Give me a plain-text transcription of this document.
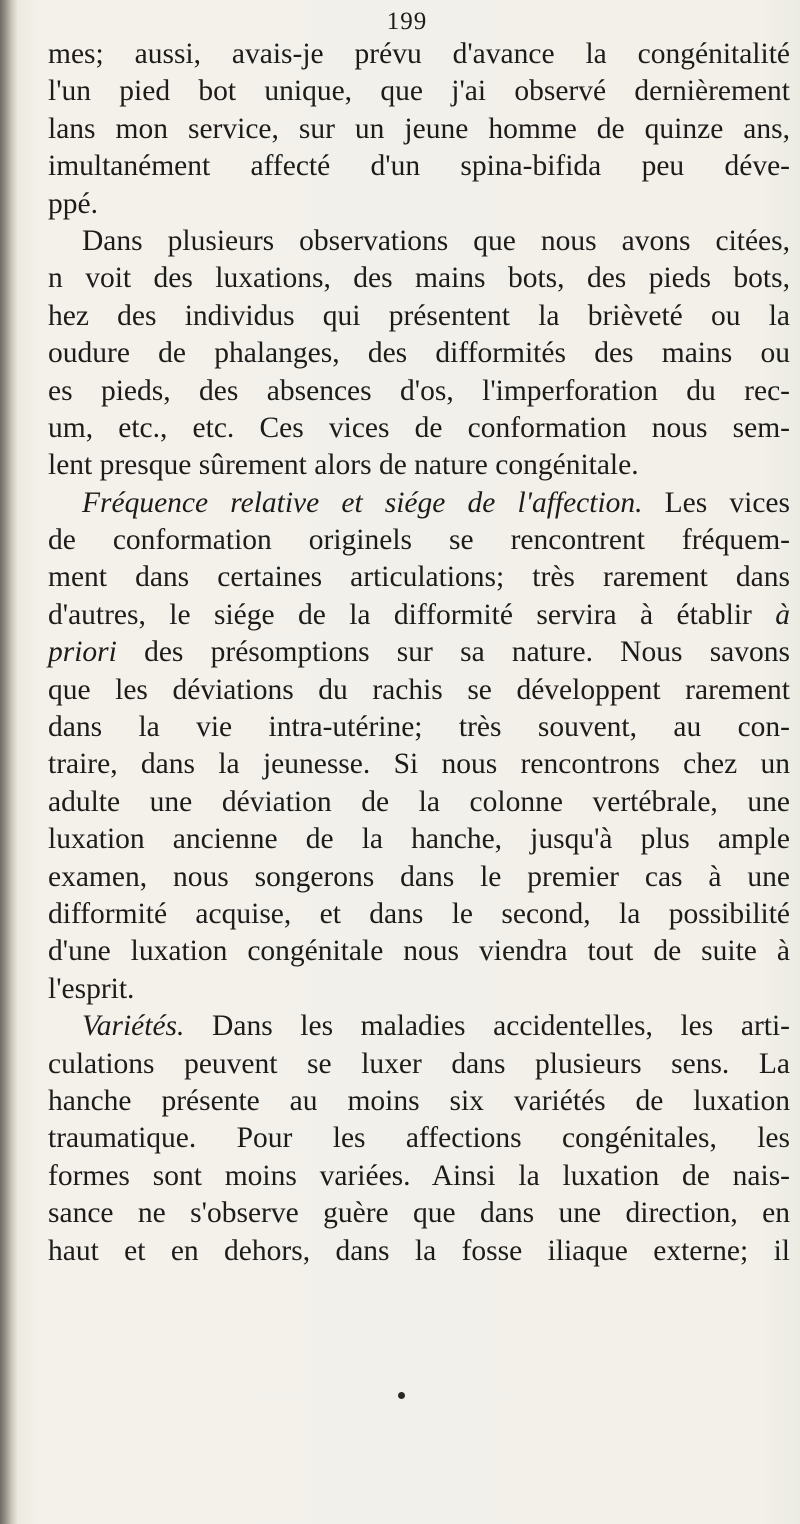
199
mes; aussi, avais-je prévu d'avance la congénitalité
l'un pied bot unique, que j'ai observé dernièrement
lans mon service, sur un jeune homme de quinze ans,
imultanément affecté d'un spina-bifida peu déve-
ppé.
Dans plusieurs observations que nous avons citées,
n voit des luxations, des mains bots, des pieds bots,
hez des individus qui présentent la brièveté ou la
oudure de phalanges, des difformités des mains ou
es pieds, des absences d'os, l'imperforation du rec-
um, etc., etc. Ces vices de conformation nous sem-
lent presque sûrement alors de nature congénitale.
Fréquence relative et siége de l'affection. Les vices
de conformation originels se rencontrent fréquem-
ment dans certaines articulations; très rarement dans
d'autres, le siége de la difformité servira à établir à
priori des présomptions sur sa nature. Nous savons
que les déviations du rachis se développent rarement
dans la vie intra-utérine; très souvent, au con-
traire, dans la jeunesse. Si nous rencontrons chez un
adulte une déviation de la colonne vertébrale, une
luxation ancienne de la hanche, jusqu'à plus ample
examen, nous songerons dans le premier cas à une
difformité acquise, et dans le second, la possibilité
d'une luxation congénitale nous viendra tout de suite à
l'esprit.
Variétés. Dans les maladies accidentelles, les arti-
culations peuvent se luxer dans plusieurs sens. La
hanche présente au moins six variétés de luxation
traumatique. Pour les affections congénitales, les
formes sont moins variées. Ainsi la luxation de nais-
sance ne s'observe guère que dans une direction, en
haut et en dehors, dans la fosse iliaque externe; il
